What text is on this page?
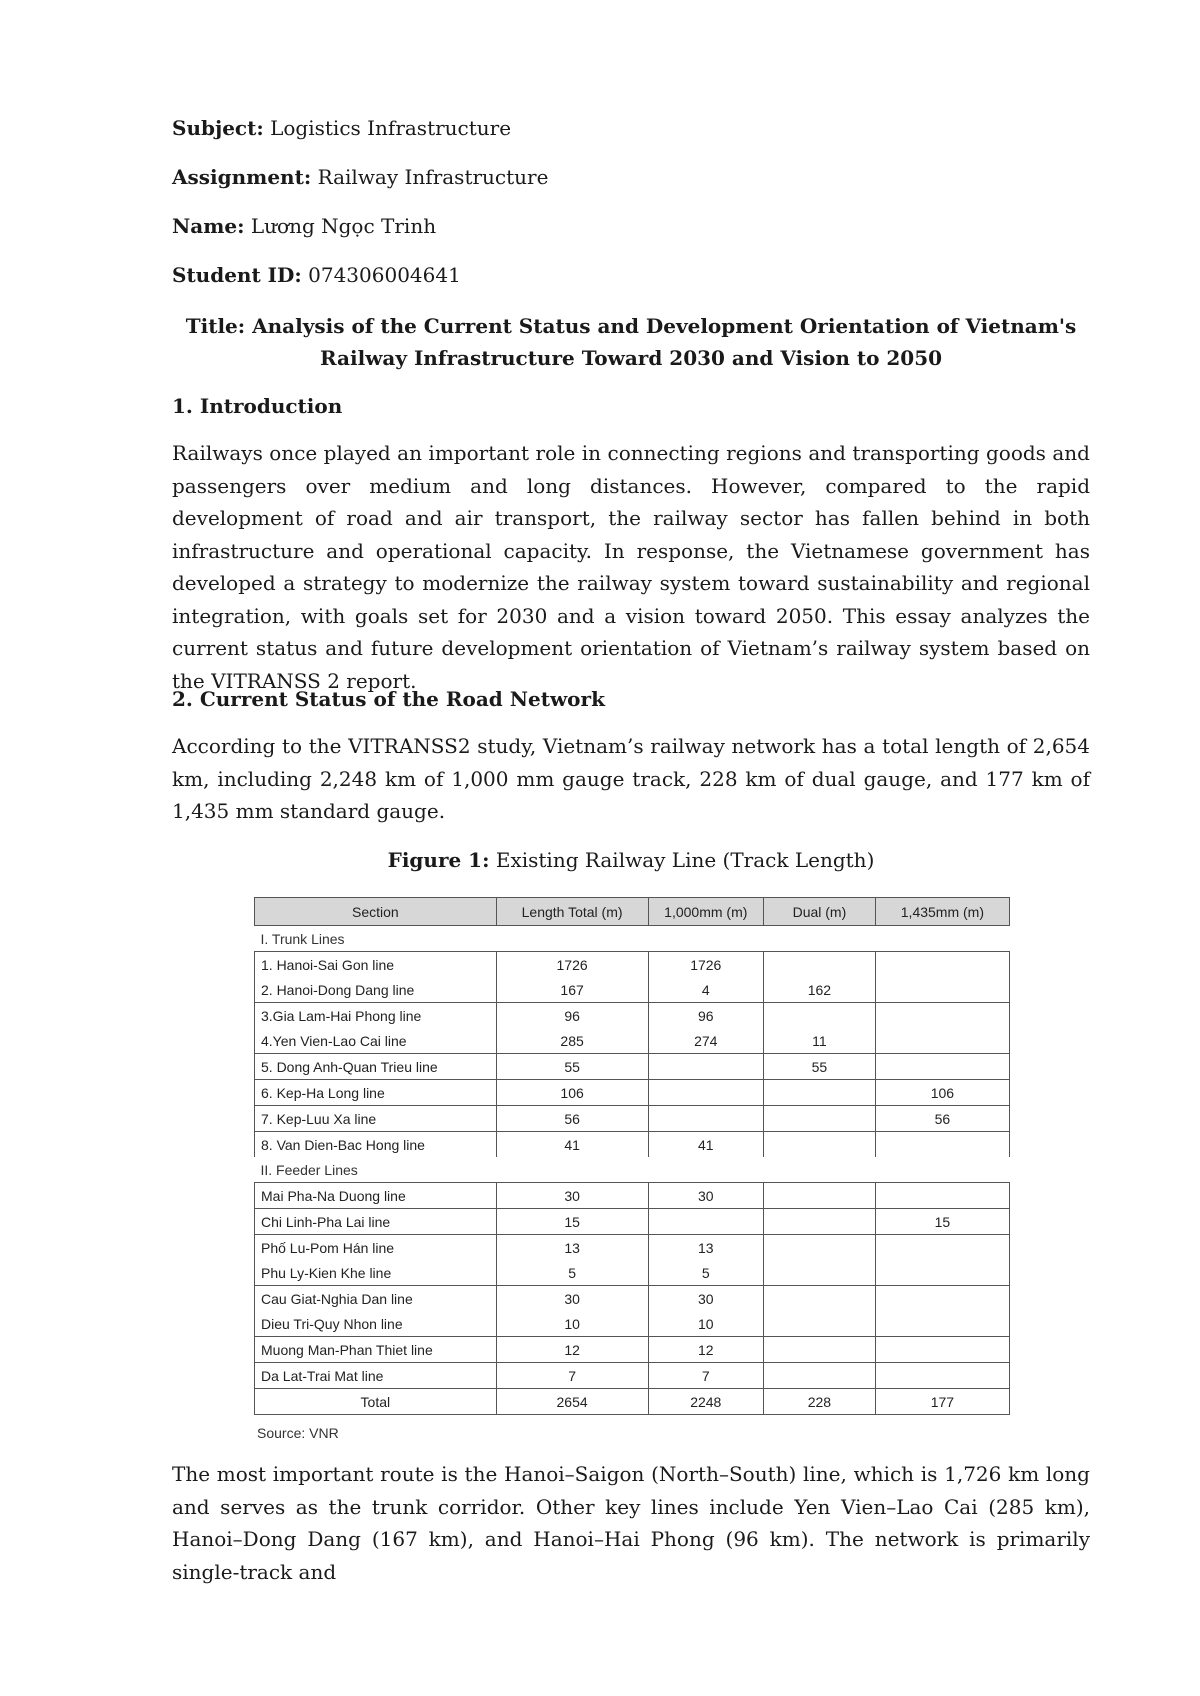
Subject: Logistics Infrastructure
Assignment: Railway Infrastructure
Name: Lương Ngọc Trinh
Student ID: 074306004641
Title: Analysis of the Current Status and Development Orientation of Vietnam's Railway Infrastructure Toward 2030 and Vision to 2050
1. Introduction
Railways once played an important role in connecting regions and transporting goods and passengers over medium and long distances. However, compared to the rapid development of road and air transport, the railway sector has fallen behind in both infrastructure and operational capacity. In response, the Vietnamese government has developed a strategy to modernize the railway system toward sustainability and regional integration, with goals set for 2030 and a vision toward 2050. This essay analyzes the current status and future development orientation of Vietnam’s railway system based on the VITRANSS 2 report.
2. Current Status of the Road Network
According to the VITRANSS2 study, Vietnam’s railway network has a total length of 2,654 km, including 2,248 km of 1,000 mm gauge track, 228 km of dual gauge, and 177 km of 1,435 mm standard gauge.
Figure 1: Existing Railway Line (Track Length)
Section	Length Total (m)	1,000mm (m)	Dual (m)	1,435mm (m)
I. Trunk Lines				
1. Hanoi-Sai Gon line	1726	1726		
2. Hanoi-Dong Dang line	167	4	162	
3.Gia Lam-Hai Phong line	96	96		
4.Yen Vien-Lao Cai line	285	274	11	
5. Dong Anh-Quan Trieu line	55		55	
6. Kep-Ha Long line	106			106
7. Kep-Luu Xa line	56			56
8. Van Dien-Bac Hong line	41	41		
II. Feeder Lines				
Mai Pha-Na Duong line	30	30		
Chi Linh-Pha Lai line	15			15
Phố Lu-Pom Hán line	13	13		
Phu Ly-Kien Khe line	5	5		
Cau Giat-Nghia Dan line	30	30		
Dieu Tri-Quy Nhon line	10	10		
Muong Man-Phan Thiet line	12	12		
Da Lat-Trai Mat line	7	7		
Total	2654	2248	228	177
Source: VNR
The most important route is the Hanoi–Saigon (North–South) line, which is 1,726 km long and serves as the trunk corridor. Other key lines include Yen Vien–Lao Cai (285 km), Hanoi–Dong Dang (167 km), and Hanoi–Hai Phong (96 km). The network is primarily single-track and
